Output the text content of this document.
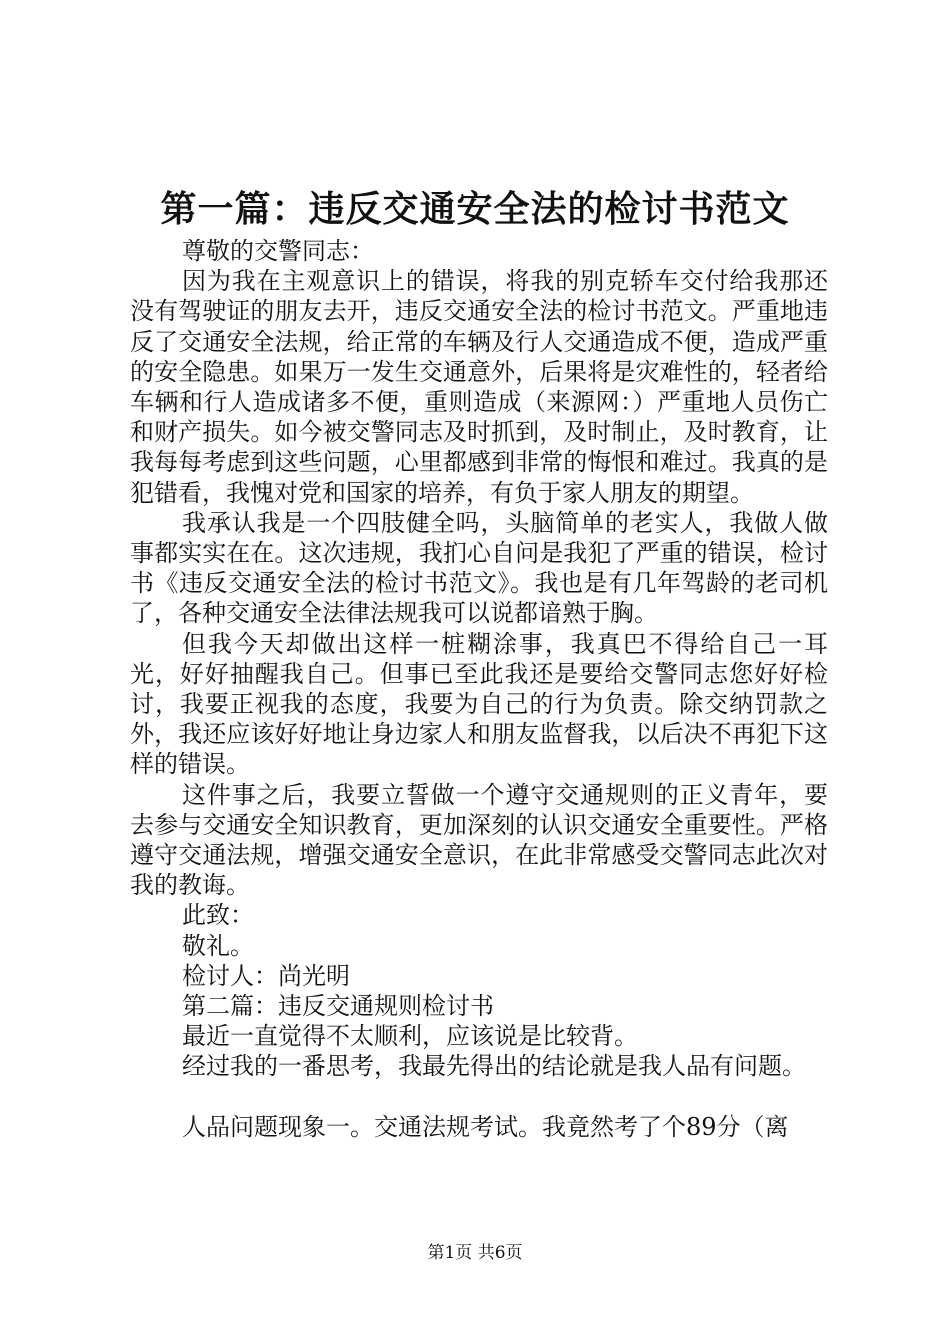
第一篇：违反交通安全法的检讨书范文

尊敬的交警同志：

因为我在主观意识上的错误，将我的别克轿车交付给我那还没有驾驶证的朋友去开，违反交通安全法的检讨书范文。严重地违反了交通安全法规，给正常的车辆及行人交通造成不便，造成严重的安全隐患。如果万一发生交通意外，后果将是灾难性的，轻者给车辆和行人造成诸多不便，重则造成（来源网：）严重地人员伤亡和财产损失。如今被交警同志及时抓到，及时制止，及时教育，让我每每考虑到这些问题，心里都感到非常的悔恨和难过。我真的是犯错看，我愧对党和国家的培养，有负于家人朋友的期望。

我承认我是一个四肢健全吗，头脑简单的老实人，我做人做事都实实在在。这次违规，我扪心自问是我犯了严重的错误，检讨书《违反交通安全法的检讨书范文》。我也是有几年驾龄的老司机了，各种交通安全法律法规我可以说都谙熟于胸。

但我今天却做出这样一桩糊涂事，我真巴不得给自己一耳光，好好抽醒我自己。但事已至此我还是要给交警同志您好好检讨，我要正视我的态度，我要为自己的行为负责。除交纳罚款之外，我还应该好好地让身边家人和朋友监督我，以后决不再犯下这样的错误。

这件事之后，我要立誓做一个遵守交通规则的正义青年，要去参与交通安全知识教育，更加深刻的认识交通安全重要性。严格遵守交通法规，增强交通安全意识，在此非常感受交警同志此次对我的教诲。

此致：

敬礼。

检讨人：尚光明

第二篇：违反交通规则检讨书

最近一直觉得不太顺利，应该说是比较背。

经过我的一番思考，我最先得出的结论就是我人品有问题。

人品问题现象一。交通法规考试。我竟然考了个89分（离

第1页 共6页
